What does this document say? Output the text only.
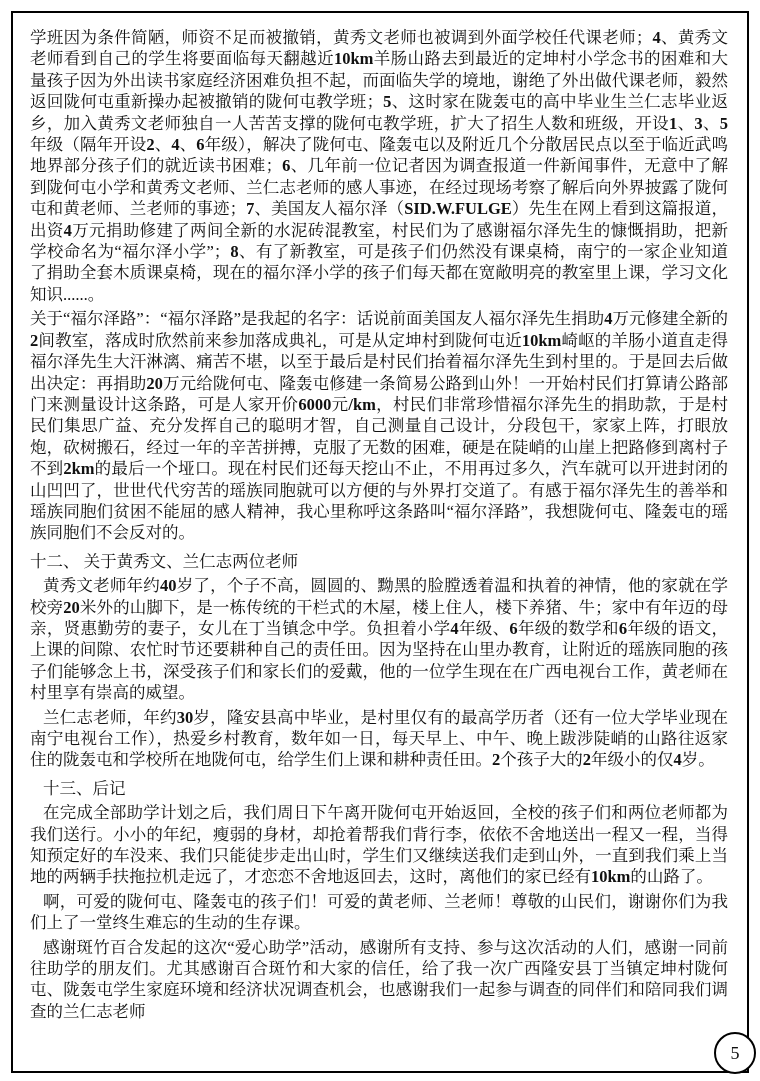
学班因为条件简陋，师资不足而被撤销，黄秀文老师也被调到外面学校任代课老师；4、黄秀文老师看到自己的学生将要面临每天翻越近10km羊肠山路去到最近的定坤村小学念书的困难和大量孩子因为外出读书家庭经济困难负担不起，而面临失学的境地，谢绝了外出做代课老师，毅然返回陇何屯重新操办起被撤销的陇何屯教学班；5、这时家在陇轰屯的高中毕业生兰仁志毕业返乡，加入黄秀文老师独自一人苦苦支撑的陇何屯教学班，扩大了招生人数和班级，开设1、3、5年级（隔年开设2、4、6年级），解决了陇何屯、隆轰屯以及附近几个分散居民点以至于临近武鸣地界部分孩子们的就近读书困难；6、几年前一位记者因为调查报道一件新闻事件，无意中了解到陇何屯小学和黄秀文老师、兰仁志老师的感人事迹，在经过现场考察了解后向外界披露了陇何屯和黄老师、兰老师的事迹；7、美国友人福尔泽（SID.W.FULGE）先生在网上看到这篇报道，出资4万元捐助修建了两间全新的水泥砖混教室，村民们为了感谢福尔泽先生的慷慨捐助，把新学校命名为“福尔泽小学”；8、有了新教室，可是孩子们仍然没有课桌椅，南宁的一家企业知道了捐助全套木质课桌椅，现在的福尔泽小学的孩子们每天都在宽敞明亮的教室里上课，学习文化知识......。

关于“福尔泽路”：“福尔泽路”是我起的名字：话说前面美国友人福尔泽先生捐助4万元修建全新的2间教室，落成时欣然前来参加落成典礼，可是从定坤村到陇何屯近10km崎岖的羊肠小道直走得福尔泽先生大汗淋漓、痛苦不堪，以至于最后是村民们抬着福尔泽先生到村里的。于是回去后做出决定：再捐助20万元给陇何屯、隆轰屯修建一条简易公路到山外！一开始村民们打算请公路部门来测量设计这条路，可是人家开价6000元/km，村民们非常珍惜福尔泽先生的捐助款，于是村民们集思广益、充分发挥自己的聪明才智，自己测量自己设计，分段包干，家家上阵，打眼放炮，砍树搬石，经过一年的辛苦拼搏，克服了无数的困难，硬是在陡峭的山崖上把路修到离村子不到2km的最后一个垭口。现在村民们还每天挖山不止，不用再过多久，汽车就可以开进封闭的山凹凹了，世世代代穷苦的瑶族同胞就可以方便的与外界打交道了。有感于福尔泽先生的善举和瑶族同胞们贫困不能屈的感人精神，我心里称呼这条路叫“福尔泽路”，我想陇何屯、隆轰屯的瑶族同胞们不会反对的。

十二、 关于黄秀文、兰仁志两位老师

黄秀文老师年约40岁了，个子不高，圆圆的、黝黑的脸膛透着温和执着的神情，他的家就在学校旁20米外的山脚下，是一栋传统的干栏式的木屋，楼上住人，楼下养猪、牛；家中有年迈的母亲，贤惠勤劳的妻子，女儿在丁当镇念中学。负担着小学4年级、6年级的数学和6年级的语文，上课的间隙、农忙时节还要耕种自己的责任田。因为坚持在山里办教育，让附近的瑶族同胞的孩子们能够念上书，深受孩子们和家长们的爱戴，他的一位学生现在在广西电视台工作，黄老师在村里享有崇高的威望。

兰仁志老师，年约30岁，隆安县高中毕业，是村里仅有的最高学历者（还有一位大学毕业现在南宁电视台工作），热爱乡村教育，数年如一日，每天早上、中午、晚上跋涉陡峭的山路往返家住的陇轰屯和学校所在地陇何屯，给学生们上课和耕种责任田。2个孩子大的2年级小的仅4岁。

十三、后记

在完成全部助学计划之后，我们周日下午离开陇何屯开始返回，全校的孩子们和两位老师都为我们送行。小小的年纪，瘦弱的身材，却抢着帮我们背行李，依依不舍地送出一程又一程，当得知预定好的车没来、我们只能徒步走出山时，学生们又继续送我们走到山外，一直到我们乘上当地的两辆手扶拖拉机走远了，才恋恋不舍地返回去，这时，离他们的家已经有10km的山路了。

啊，可爱的陇何屯、隆轰屯的孩子们！可爱的黄老师、兰老师！尊敬的山民们，谢谢你们为我们上了一堂终生难忘的生动的生存课。

感谢斑竹百合发起的这次“爱心助学”活动，感谢所有支持、参与这次活动的人们，感谢一同前往助学的朋友们。尤其感谢百合斑竹和大家的信任，给了我一次广西隆安县丁当镇定坤村陇何屯、陇轰屯学生家庭环境和经济状况调查机会，也感谢我们一起参与调查的同伴们和陪同我们调查的兰仁志老师

5
